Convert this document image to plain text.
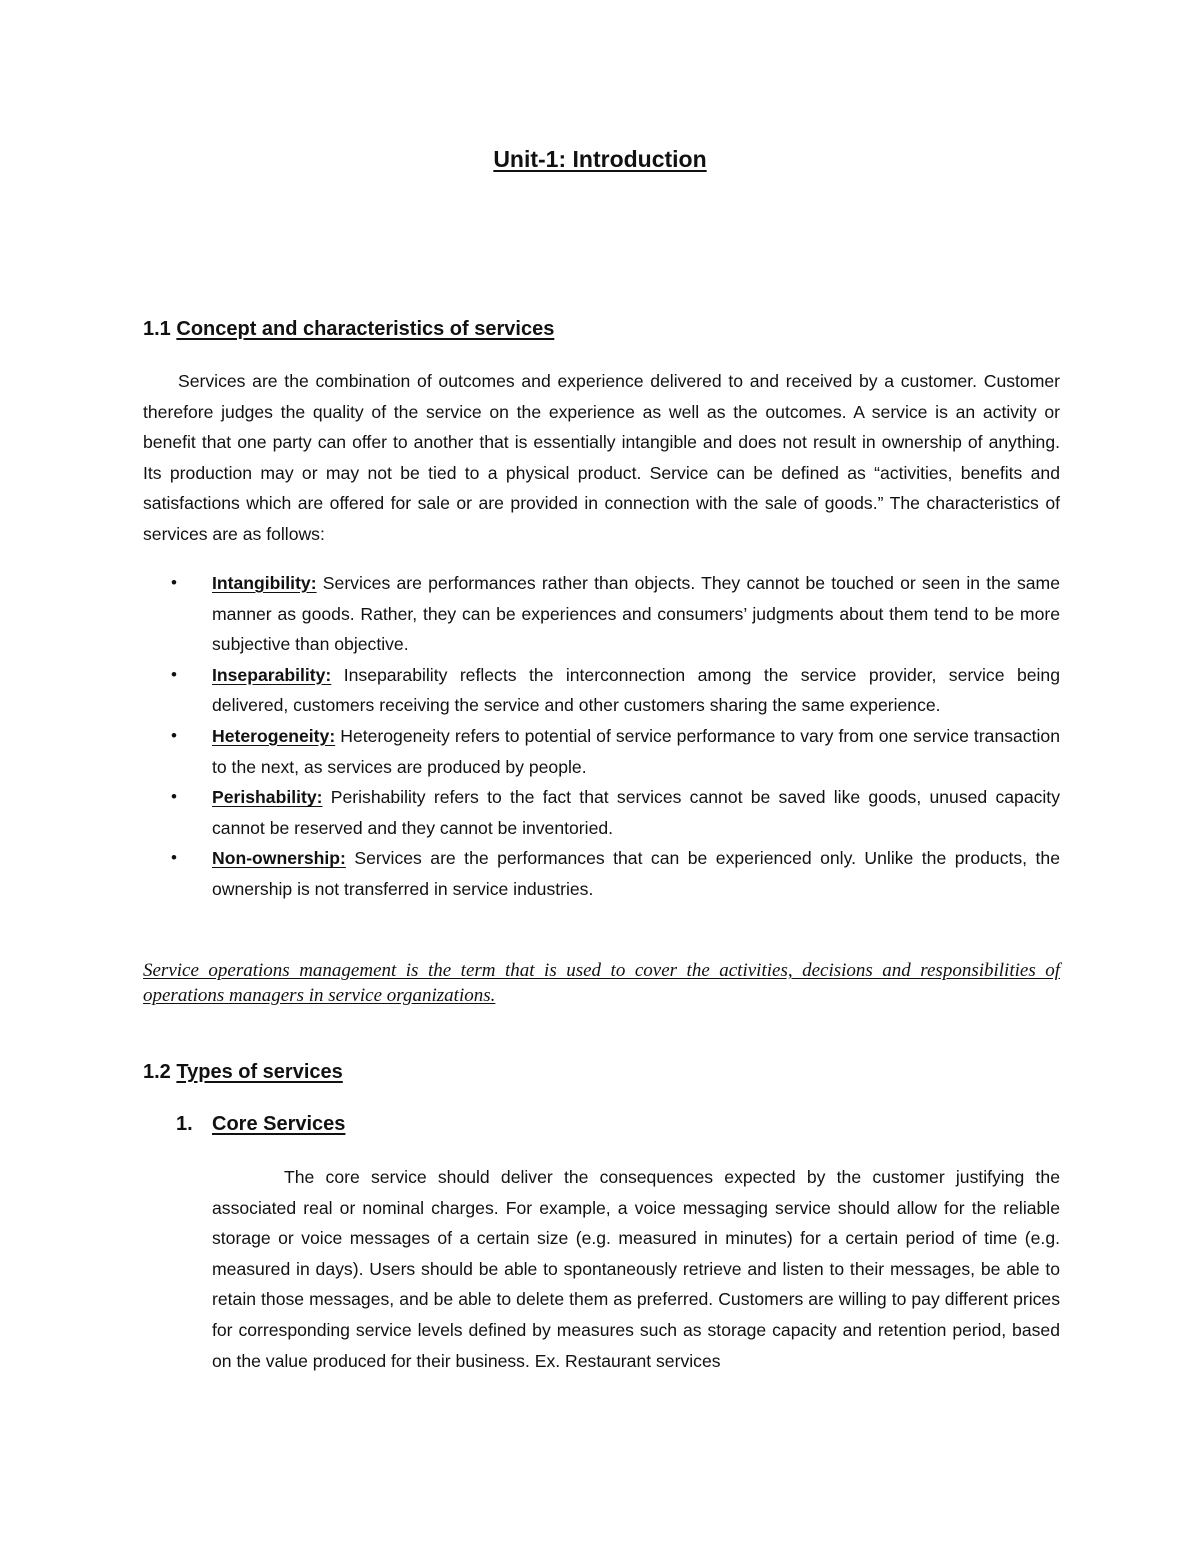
Unit-1: Introduction
1.1 Concept and characteristics of services
Services are the combination of outcomes and experience delivered to and received by a customer. Customer therefore judges the quality of the service on the experience as well as the outcomes. A service is an activity or benefit that one party can offer to another that is essentially intangible and does not result in ownership of anything. Its production may or may not be tied to a physical product. Service can be defined as “activities, benefits and satisfactions which are offered for sale or are provided in connection with the sale of goods.” The characteristics of services are as follows:
• Intangibility: Services are performances rather than objects. They cannot be touched or seen in the same manner as goods. Rather, they can be experiences and consumers’ judgments about them tend to be more subjective than objective.
• Inseparability: Inseparability reflects the interconnection among the service provider, service being delivered, customers receiving the service and other customers sharing the same experience.
• Heterogeneity: Heterogeneity refers to potential of service performance to vary from one service transaction to the next, as services are produced by people.
• Perishability: Perishability refers to the fact that services cannot be saved like goods, unused capacity cannot be reserved and they cannot be inventoried.
• Non-ownership: Services are the performances that can be experienced only. Unlike the products, the ownership is not transferred in service industries.
Service operations management is the term that is used to cover the activities, decisions and responsibilities of operations managers in service organizations.
1.2 Types of services
1. Core Services
The core service should deliver the consequences expected by the customer justifying the associated real or nominal charges. For example, a voice messaging service should allow for the reliable storage or voice messages of a certain size (e.g. measured in minutes) for a certain period of time (e.g. measured in days). Users should be able to spontaneously retrieve and listen to their messages, be able to retain those messages, and be able to delete them as preferred. Customers are willing to pay different prices for corresponding service levels defined by measures such as storage capacity and retention period, based on the value produced for their business. Ex. Restaurant services
